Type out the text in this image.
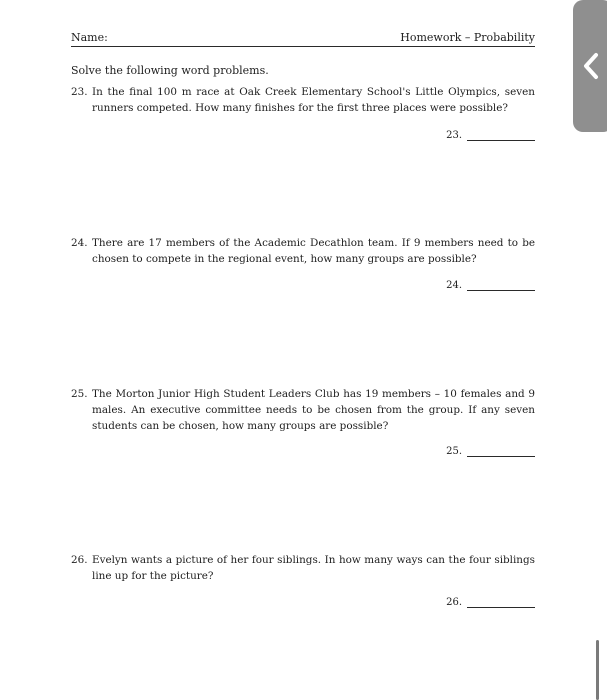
Name:	Homework – Probability
Solve the following word problems.
23. In the final 100 m race at Oak Creek Elementary School's Little Olympics, seven runners competed. How many finishes for the first three places were possible?
23.
24. There are 17 members of the Academic Decathlon team. If 9 members need to be chosen to compete in the regional event, how many groups are possible?
24.
25. The Morton Junior High Student Leaders Club has 19 members – 10 females and 9 males. An executive committee needs to be chosen from the group. If any seven students can be chosen, how many groups are possible?
25.
26. Evelyn wants a picture of her four siblings. In how many ways can the four siblings line up for the picture?
26.
